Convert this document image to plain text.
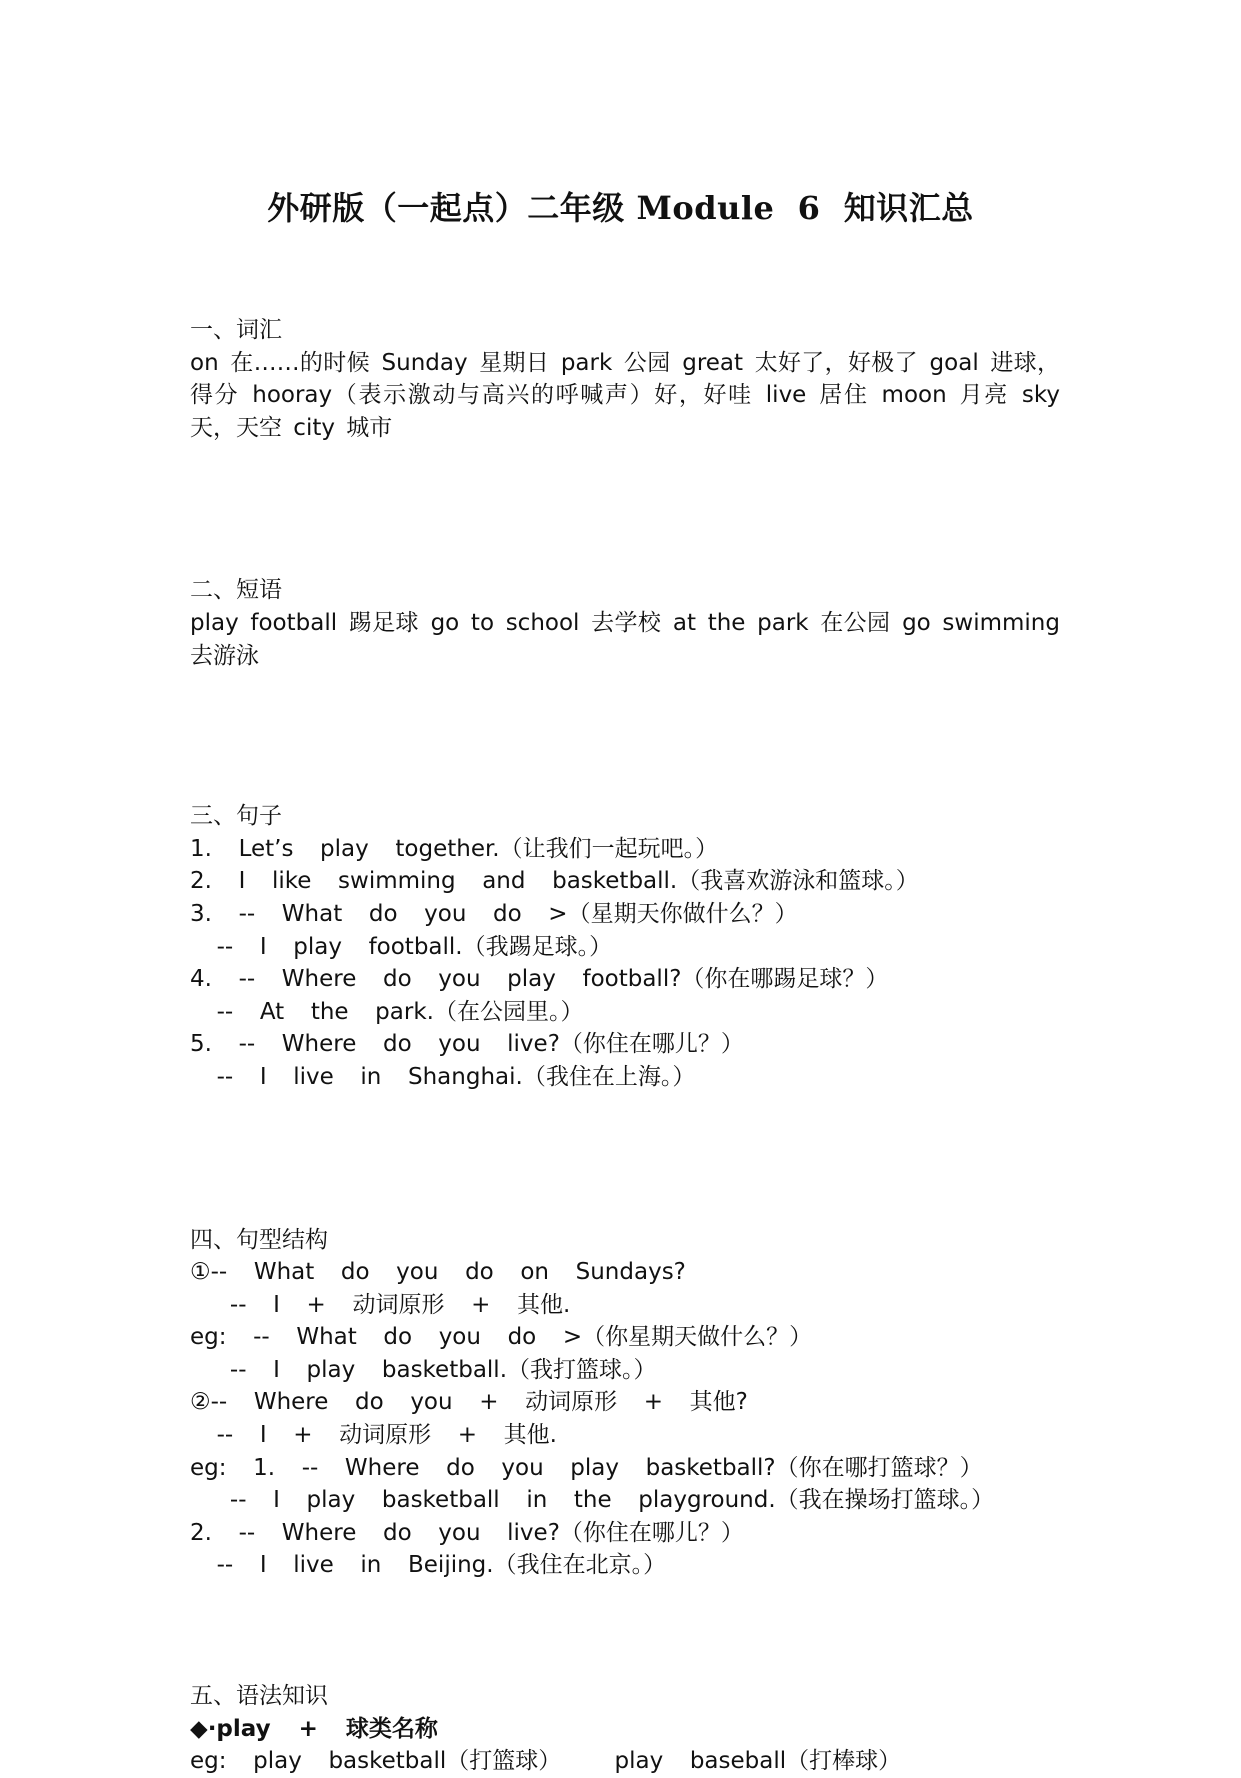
外研版（一起点）二年级 Module  6  知识汇总
一、词汇
on 在……的时候 Sunday 星期日 park 公园 great 太好了，好极了 goal 进球，得分 hooray（表示激动与高兴的呼喊声）好，好哇 live 居住 moon 月亮 sky 天，天空 city 城市
二、短语
play football 踢足球 go to school 去学校 at the park 在公园 go swimming 去游泳
三、句子
1.  Let’s  play  together.（让我们一起玩吧。）
2.  I  like  swimming  and  basketball.（我喜欢游泳和篮球。）
3.  --  What  do  you  do  >（星期天你做什么？）
--  I  play  football.（我踢足球。）
4.  --  Where  do  you  play  football?（你在哪踢足球？）
--  At  the  park.（在公园里。）
5.  --  Where  do  you  live?（你住在哪儿？）
--  I  live  in  Shanghai.（我住在上海。）
四、句型结构
①--  What  do  you  do  on  Sundays?
--  I  +  动词原形  +  其他.
eg:  --  What  do  you  do  >（你星期天做什么？）
--  I  play  basketball.（我打篮球。）
②--  Where  do  you  +  动词原形  +  其他?
--  I  +  动词原形  +  其他.
eg:  1.  --  Where  do  you  play  basketball?（你在哪打篮球？）
--  I  play  basketball  in  the  playground.（我在操场打篮球。）
2.  --  Where  do  you  live?（你住在哪儿？）
--  I  live  in  Beijing.（我住在北京。）
五、语法知识
◆·play  +  球类名称
eg:  play  basketball（打篮球）    play  baseball（打棒球）
